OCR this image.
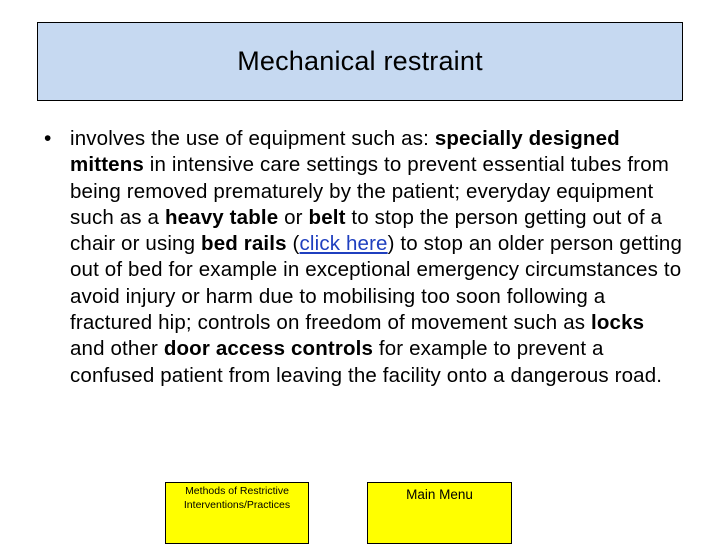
Mechanical restraint
• involves the use of equipment such as: specially designed mittens in intensive care settings to prevent essential tubes from being removed prematurely by the patient; everyday equipment such as a heavy table or belt to stop the person getting out of a chair or using bed rails (click here) to stop an older person getting out of bed for example in exceptional emergency circumstances to avoid injury or harm due to mobilising too soon following a fractured hip; controls on freedom of movement such as locks and other door access controls for example to prevent a confused patient from leaving the facility onto a dangerous road.
Methods of Restrictive
Interventions/Practices
Main Menu
